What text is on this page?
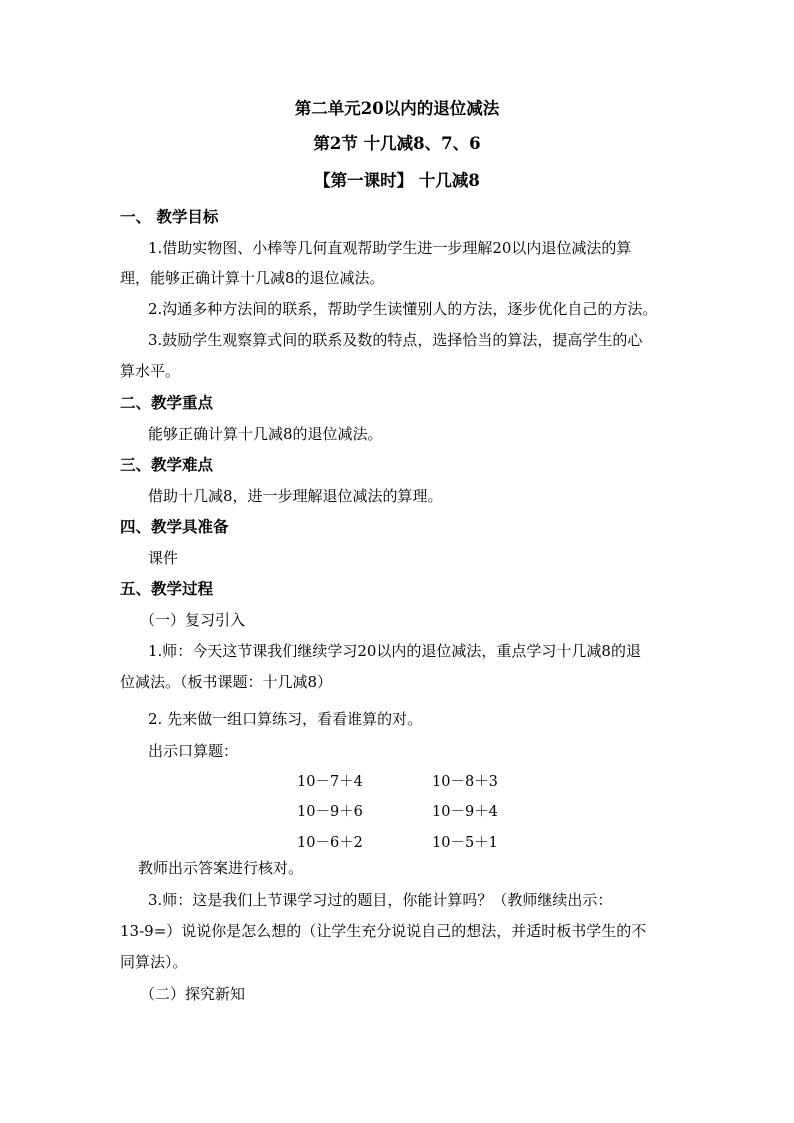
第二单元20以内的退位减法
第2节 十几减8、7、6
【第一课时】 十几减8
一、 教学目标
1.借助实物图、小棒等几何直观帮助学生进一步理解20以内退位减法的算
理，能够正确计算十几减8的退位减法。
2.沟通多种方法间的联系，帮助学生读懂别人的方法，逐步优化自己的方法。
3.鼓励学生观察算式间的联系及数的特点，选择恰当的算法，提高学生的心
算水平。
二、教学重点
能够正确计算十几减8的退位减法。
三、教学难点
借助十几减8，进一步理解退位减法的算理。
四、教学具准备
课件
五、教学过程
（一）复习引入
1.师：今天这节课我们继续学习20以内的退位减法，重点学习十几减8的退
位减法。（板书课题：十几减8）
2. 先来做一组口算练习，看看谁算的对。
出示口算题：
10－7＋4	10－8＋3
10－9＋6	10－9＋4
10－6＋2	10－5＋1
教师出示答案进行核对。
3.师：这是我们上节课学习过的题目，你能计算吗？（教师继续出示：
13-9=）说说你是怎么想的（让学生充分说说自己的想法，并适时板书学生的不
同算法）。
（二）探究新知
